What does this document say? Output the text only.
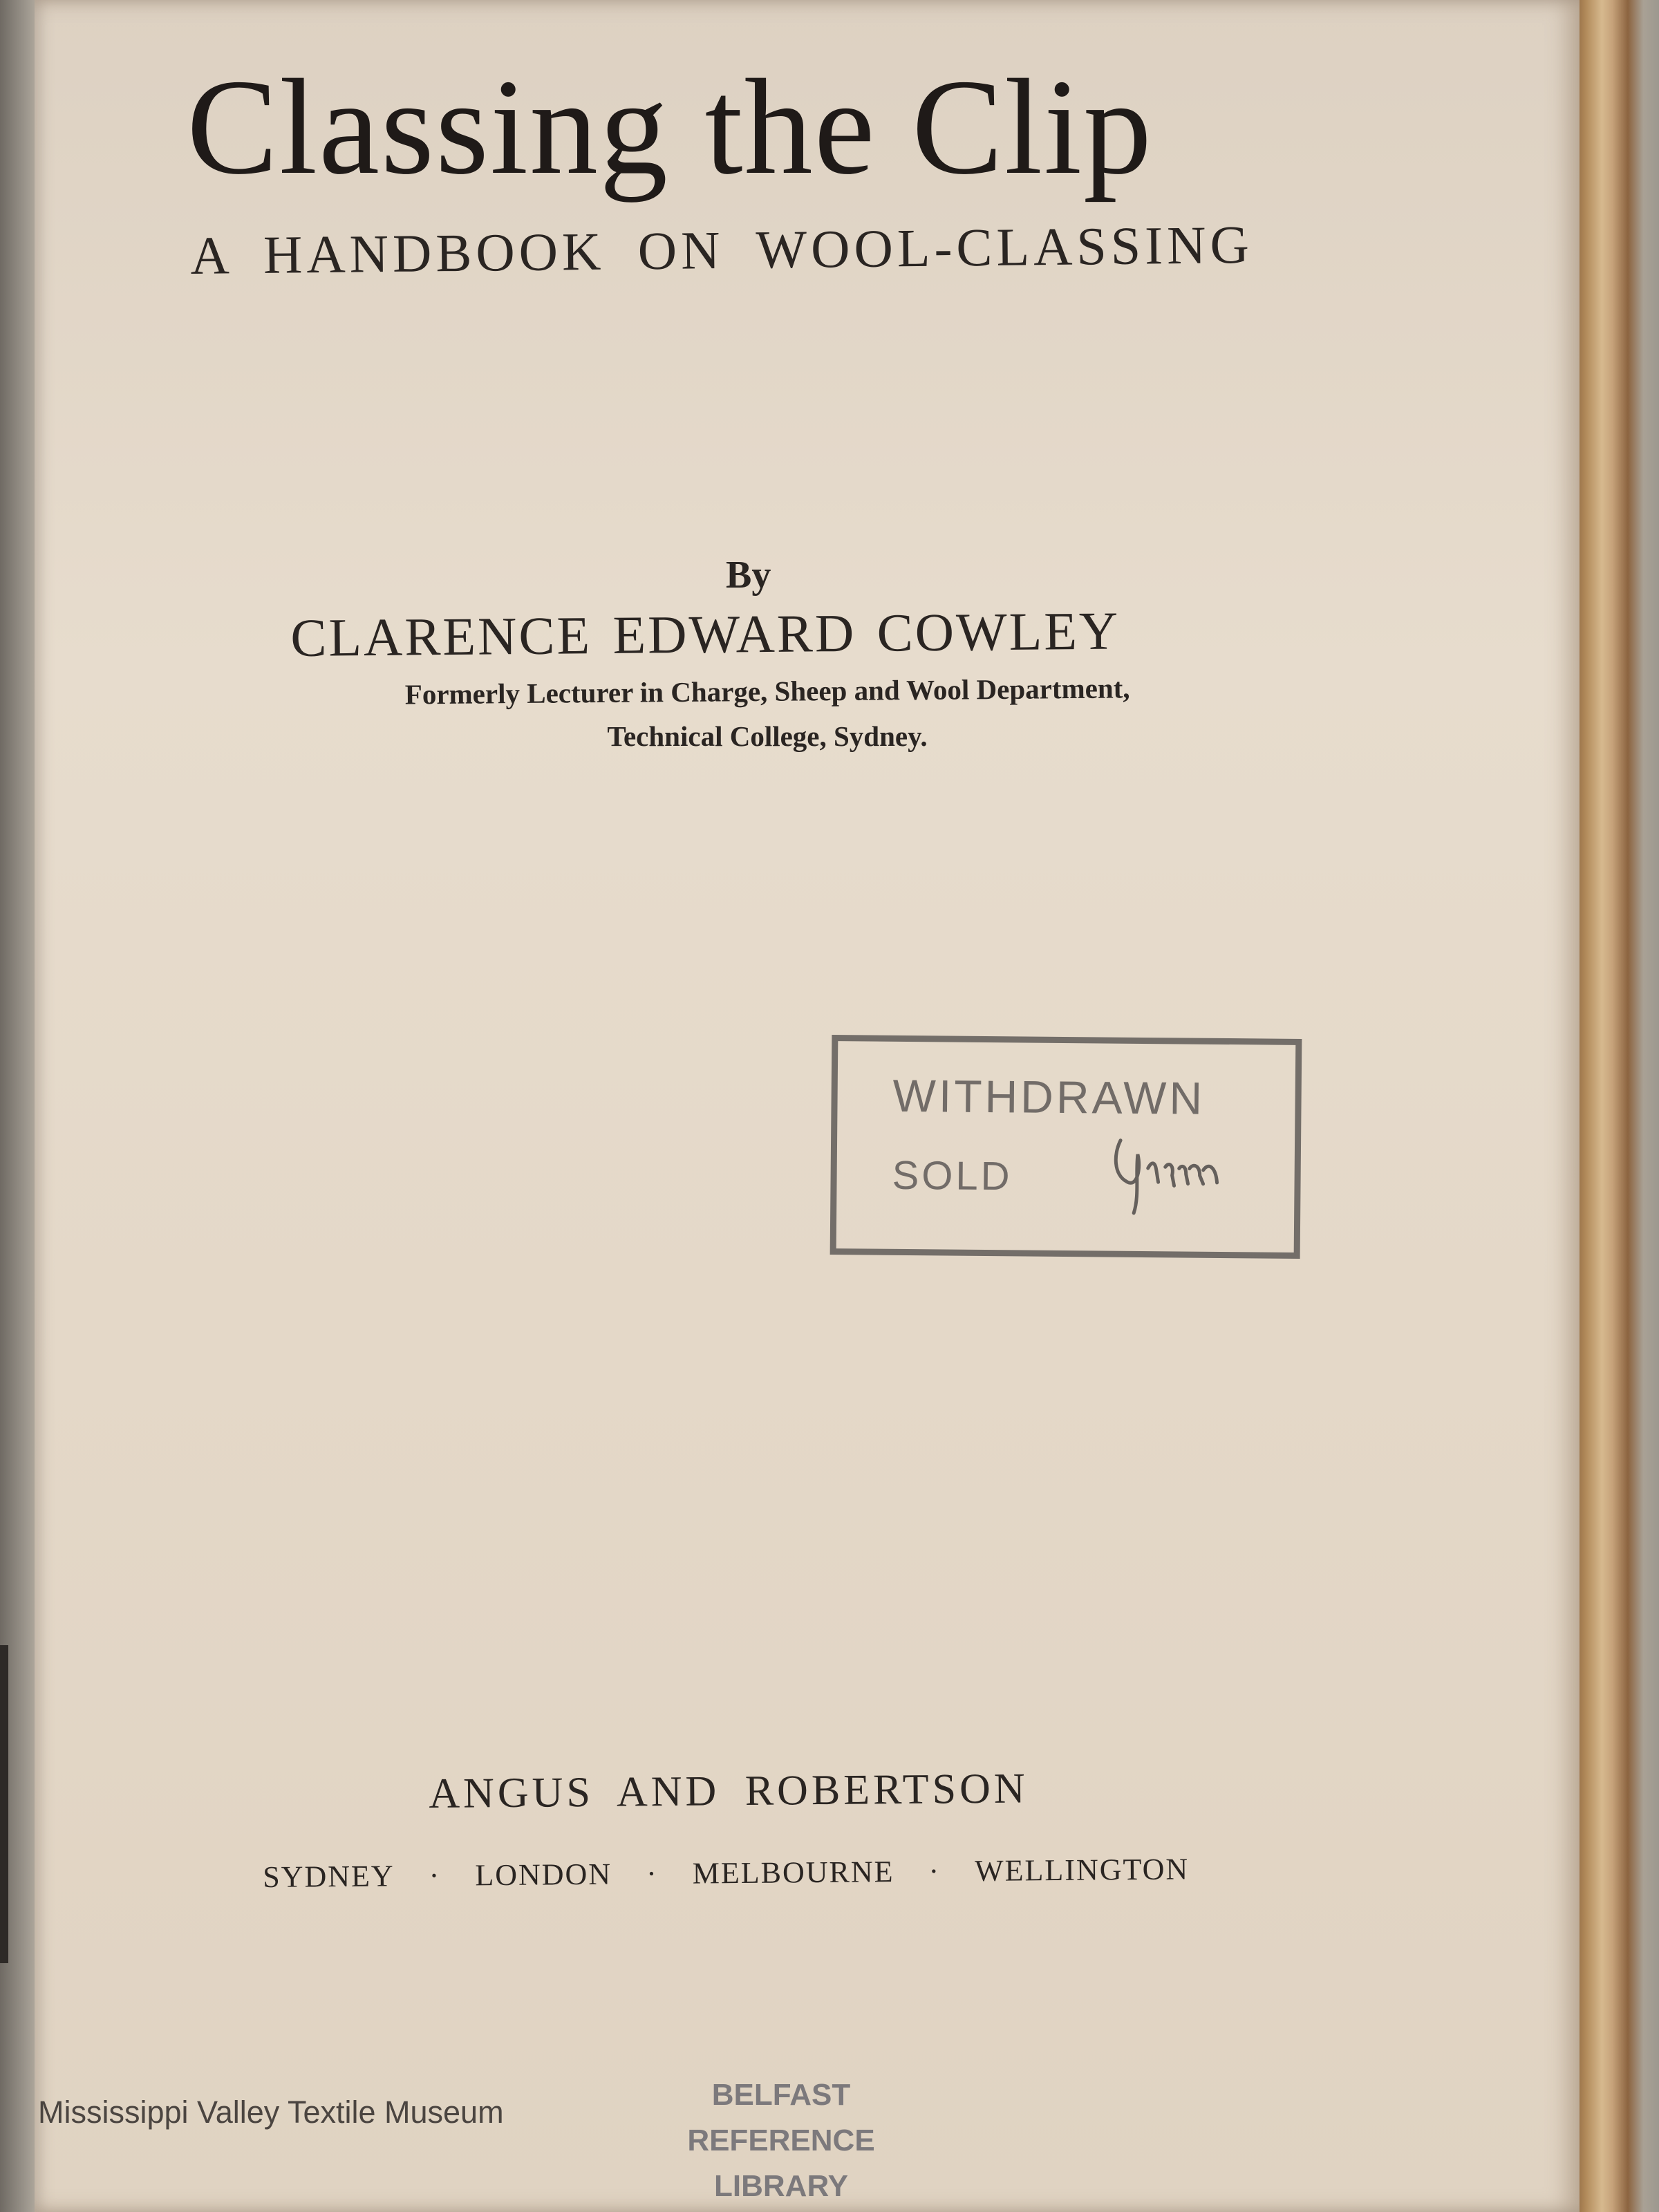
Classing the Clip
A HANDBOOK ON WOOL-CLASSING
By
CLARENCE EDWARD COWLEY
Formerly Lecturer in Charge, Sheep and Wool Department,
Technical College, Sydney.
WITHDRAWN
SOLD
ANGUS AND ROBERTSON
SYDNEY · LONDON · MELBOURNE · WELLINGTON
BELFAST
REFERENCE
LIBRARY
Mississippi Valley Textile Museum
